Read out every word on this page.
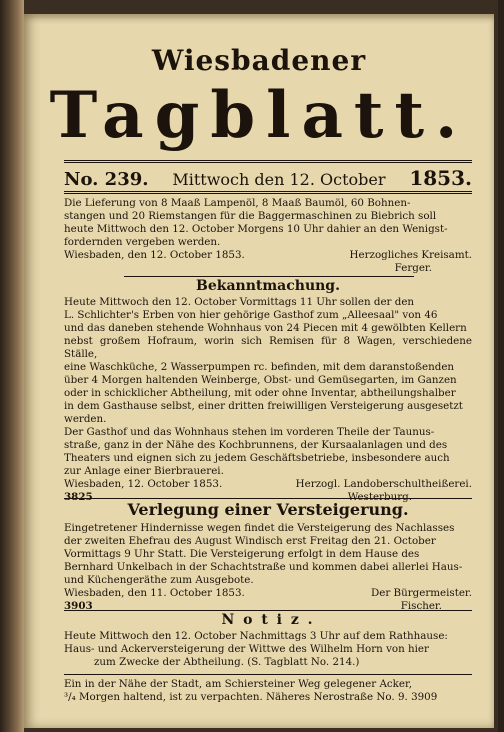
Wiesbadener
Tagblatt.
No. 239. Mittwoch den 12. October 1853.

Die Lieferung von 8 Maaß Lampenöl, 8 Maaß Baumöl, 60 Bohnen-

stangen und 20 Riemstangen für die Baggermaschinen zu Biebrich soll

heute Mittwoch den 12. October Morgens 10 Uhr dahier an den Wenigst-

fordernden vergeben werden.

Wiesbaden, den 12. October 1853.	Herzogliches Kreisamt.
Ferger.
Bekanntmachung.

Heute Mittwoch den 12. October Vormittags 11 Uhr sollen der den

L. Schlichter's Erben von hier gehörige Gasthof zum „Alleesaal" von 46

und das daneben stehende Wohnhaus von 24 Piecen mit 4 gewölbten Kellern

nebst großem Hofraum, worin sich Remisen für 8 Wagen, verschiedene Ställe,

eine Waschküche, 2 Wasserpumpen rc. befinden, mit dem daranstoßenden

über 4 Morgen haltenden Weinberge, Obst- und Gemüsegarten, im Ganzen

oder in schicklicher Abtheilung, mit oder ohne Inventar, abtheilungshalber

in dem Gasthause selbst, einer dritten freiwilligen Versteigerung ausgesetzt

werden.

Der Gasthof und das Wohnhaus stehen im vorderen Theile der Taunus-

straße, ganz in der Nähe des Kochbrunnens, der Kursaalanlagen und des

Theaters und eignen sich zu jedem Geschäftsbetriebe, insbesondere auch

zur Anlage einer Bierbrauerei.

Wiesbaden, 12. October 1853.	Herzogl. Landoberschultheißerei.
3825	Westerburg.
Verlegung einer Versteigerung.

Eingetretener Hindernisse wegen findet die Versteigerung des Nachlasses

der zweiten Ehefrau des August Windisch erst Freitag den 21. October

Vormittags 9 Uhr Statt. Die Versteigerung erfolgt in dem Hause des

Bernhard Unkelbach in der Schachtstraße und kommen dabei allerlei Haus-

und Küchengeräthe zum Ausgebote.

Wiesbaden, den 11. October 1853.	Der Bürgermeister.
3903	Fischer.
N o t i z .

Heute Mittwoch den 12. October Nachmittags 3 Uhr auf dem Rathhause:

Haus- und Ackerversteigerung der Wittwe des Wilhelm Horn von hier

zum Zwecke der Abtheilung. (S. Tagblatt No. 214.)

Ein in der Nähe der Stadt, am Schiersteiner Weg gelegener Acker,

³/₄ Morgen haltend, ist zu verpachten. Näheres Nerostraße No. 9. 3909
